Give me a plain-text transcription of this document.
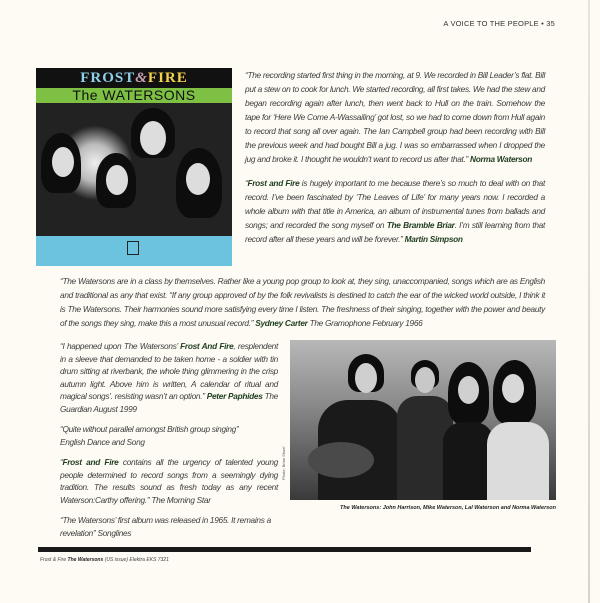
A VOICE TO THE PEOPLE • 35
FROST&FIRE
The WATERSONS

“The recording started first thing in the morning, at 9. We recorded in Bill Leader’s flat. Bill put a stew on to cook for lunch. We started recording, all first takes. We had the stew and began recording again after lunch, then went back to Hull on the train. Somehow the tape for ‘Here We Come A-Wassailing’ got lost, so we had to come down from Hull again to record that song all over again. The Ian Campbell group had been recording with Bill the previous week and had bought Bill a jug. I was so embarrassed when I dropped the jug and broke it. I thought he wouldn’t want to record us after that.” Norma Waterson

“Frost and Fire is hugely important to me because there’s so much to deal with on that record. I’ve been fascinated by ‘The Leaves of Life’ for many years now. I recorded a whole album with that title in America, an album of instrumental tunes from ballads and songs; and recorded the song myself on The Bramble Briar. I’m still learning from that record after all these years and will be forever.” Martin Simpson

“The Watersons are in a class by themselves. Rather like a young pop group to look at, they sing, unaccompanied, songs which are as English and traditional as any that exist. “If any group approved of by the folk revivalists is destined to catch the ear of the wicked world outside, I think it is The Watersons. Their harmonies sound more satisfying every time I listen. The freshness of their singing, together with the power and beauty of the songs they sing, make this a most unusual record.” Sydney Carter The Gramophone February 1966

“I happened upon The Watersons’ Frost And Fire, resplendent in a sleeve that demanded to be taken home - a soldier with tin drum sitting at riverbank, the whole thing glimmering in the crisp autumn light. Above him is written, A calendar of ritual and magical songs’. resisting wasn’t an option.” Peter Paphides The Guardian August 1999

“Quite without parallel amongst British group singing”
English Dance and Song

“Frost and Fire contains all the urgency of talented young people determined to record songs from a seemingly dying tradition. The results sound as fresh today as any recent Waterson:Carthy offering.” The Morning Star

“The Watersons’ first album was released in 1965. It remains a revelation” Songlines

Photo: Brian Shuel
The Watersons: John Harrison, Mike Waterson, Lal Waterson and Norma Waterson
Frost & Fire The Watersons (US issue) Elektra EKS 7321
